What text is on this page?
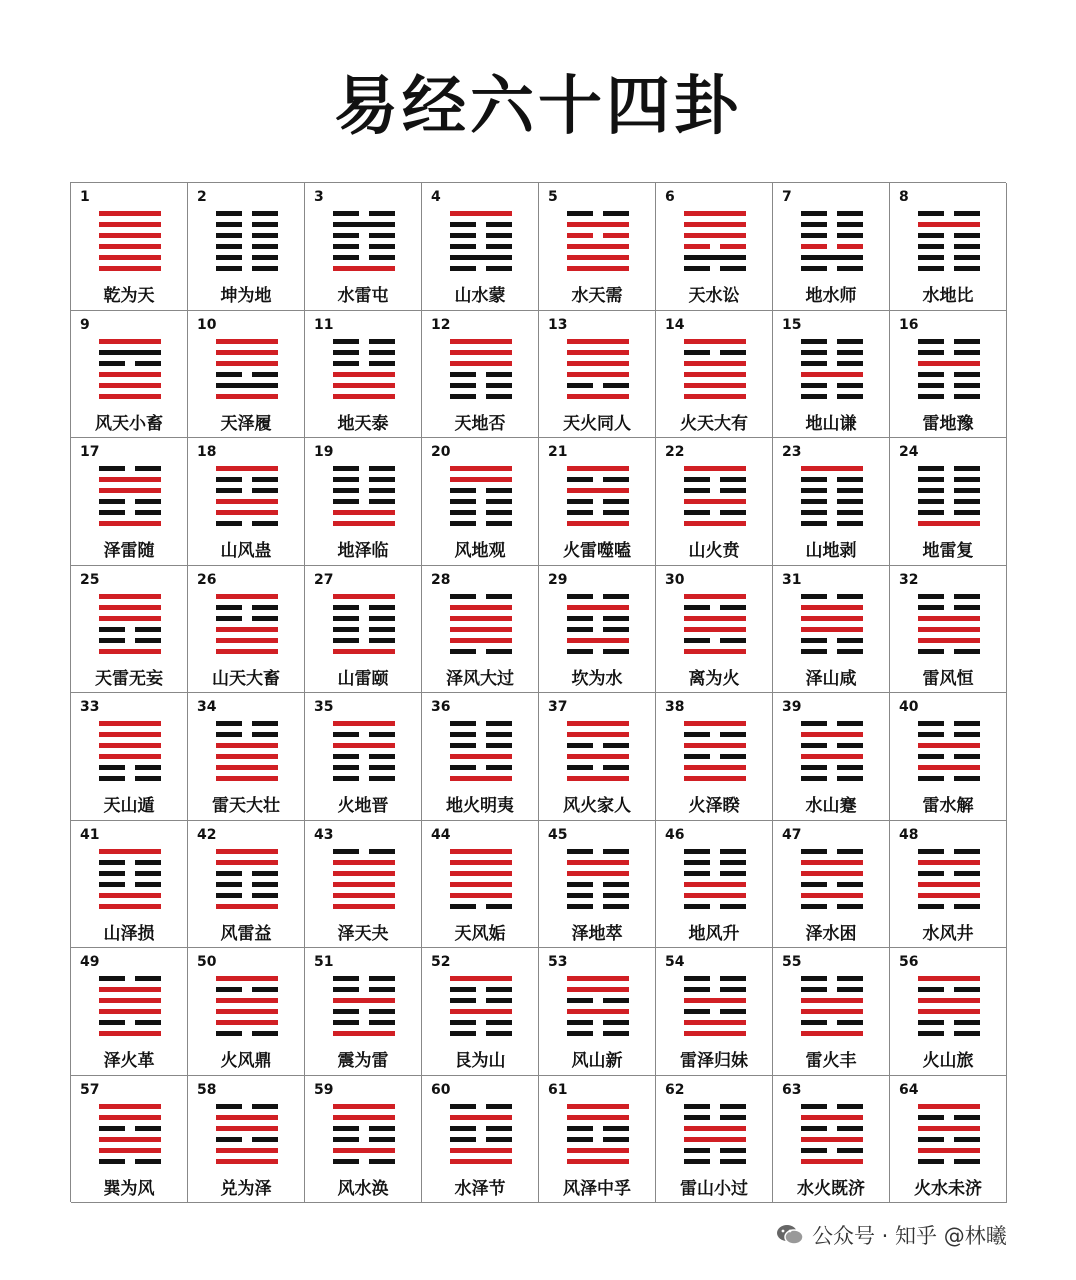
易经六十四卦
1
乾为天
2
坤为地
3
水雷屯
4
山水蒙
5
水天需
6
天水讼
7
地水师
8
水地比
9
风天小畜
10
天泽履
11
地天泰
12
天地否
13
天火同人
14
火天大有
15
地山谦
16
雷地豫
17
泽雷随
18
山风蛊
19
地泽临
20
风地观
21
火雷噬嗑
22
山火贲
23
山地剥
24
地雷复
25
天雷无妄
26
山天大畜
27
山雷颐
28
泽风大过
29
坎为水
30
离为火
31
泽山咸
32
雷风恒
33
天山遁
34
雷天大壮
35
火地晋
36
地火明夷
37
风火家人
38
火泽睽
39
水山蹇
40
雷水解
41
山泽损
42
风雷益
43
泽天夬
44
天风姤
45
泽地萃
46
地风升
47
泽水困
48
水风井
49
泽火革
50
火风鼎
51
震为雷
52
艮为山
53
风山新
54
雷泽归妹
55
雷火丰
56
火山旅
57
巽为风
58
兑为泽
59
风水涣
60
水泽节
61
风泽中孚
62
雷山小过
63
水火既济
64
火水未济
公众号 · 知乎 @林曦
